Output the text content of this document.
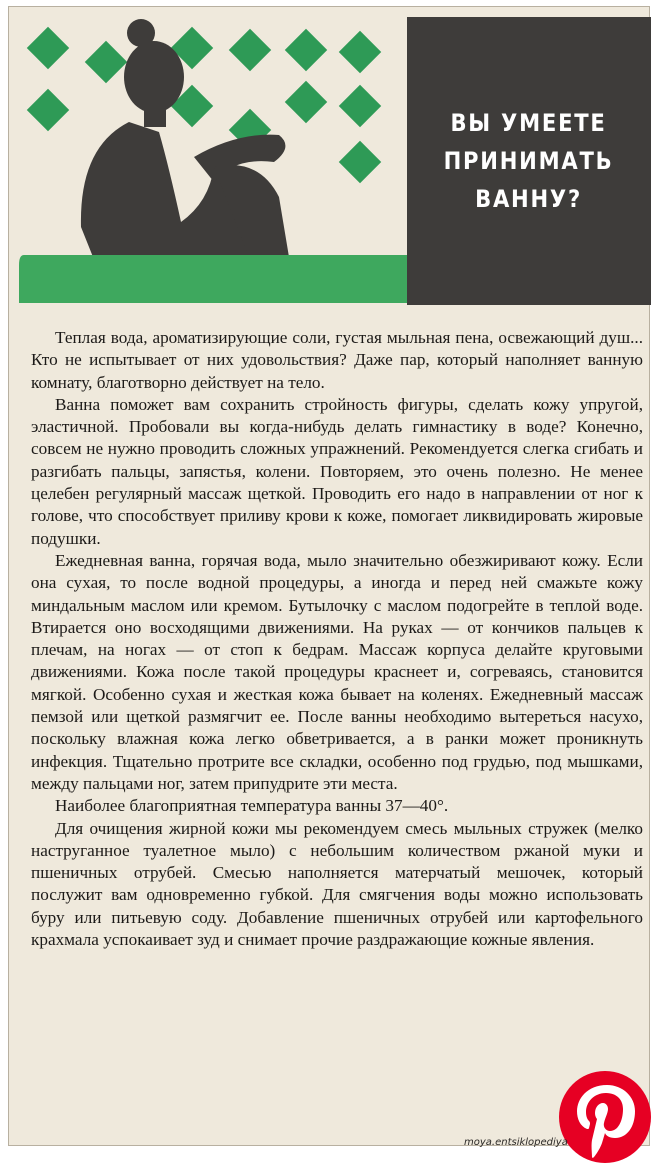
ВЫ УМЕЕТЕ
ПРИНИМАТЬ
ВАННУ?

Теплая вода, ароматизирующие соли, густая мыльная пена, освежающий душ... Кто не испытывает от них удовольствия? Даже пар, который наполняет ванную комнату, благотворно действует на тело.

Ванна поможет вам сохранить стройность фигуры, сделать кожу упругой, эластичной. Пробовали вы когда-нибудь делать гимнастику в воде? Конечно, совсем не нужно проводить сложных упражнений. Рекомендуется слегка сгибать и разгибать пальцы, запястья, колени. Повторяем, это очень полезно. Не менее целебен регулярный массаж щеткой. Проводить его надо в направлении от ног к голове, что способствует приливу крови к коже, помогает ликвидировать жировые подушки.

Ежедневная ванна, горячая вода, мыло значительно обезжиривают кожу. Если она сухая, то после водной процедуры, а иногда и перед ней смажьте кожу миндальным маслом или кремом. Бутылочку с маслом подогрейте в теплой воде. Втирается оно восходящими движениями. На руках — от кончиков пальцев к плечам, на ногах — от стоп к бедрам. Массаж корпуса делайте круговыми движениями. Кожа после такой процедуры краснеет и, согреваясь, становится мягкой. Особенно сухая и жесткая кожа бывает на коленях. Ежедневный массаж пемзой или щеткой размягчит ее. После ванны необходимо вытереться насухо, поскольку влажная кожа легко обветривается, а в ранки может проникнуть инфекция. Тщательно протрите все складки, особенно под грудью, под мышками, между пальцами ног, затем припудрите эти места.

Наиболее благоприятная температура ванны 37—40°.

Для очищения жирной кожи мы рекомендуем смесь мыльных стружек (мелко наструганное туалетное мыло) с небольшим количеством ржаной муки и пшеничных отрубей. Смесью наполняется матерчатый мешочек, который послужит вам одновременно губкой. Для смягчения воды можно использовать буру или питьевую соду. Добавление пшеничных отрубей или картофельного крахмала успокаивает зуд и снимает прочие раздражающие кожные явления.

moya.entsiklopediya
